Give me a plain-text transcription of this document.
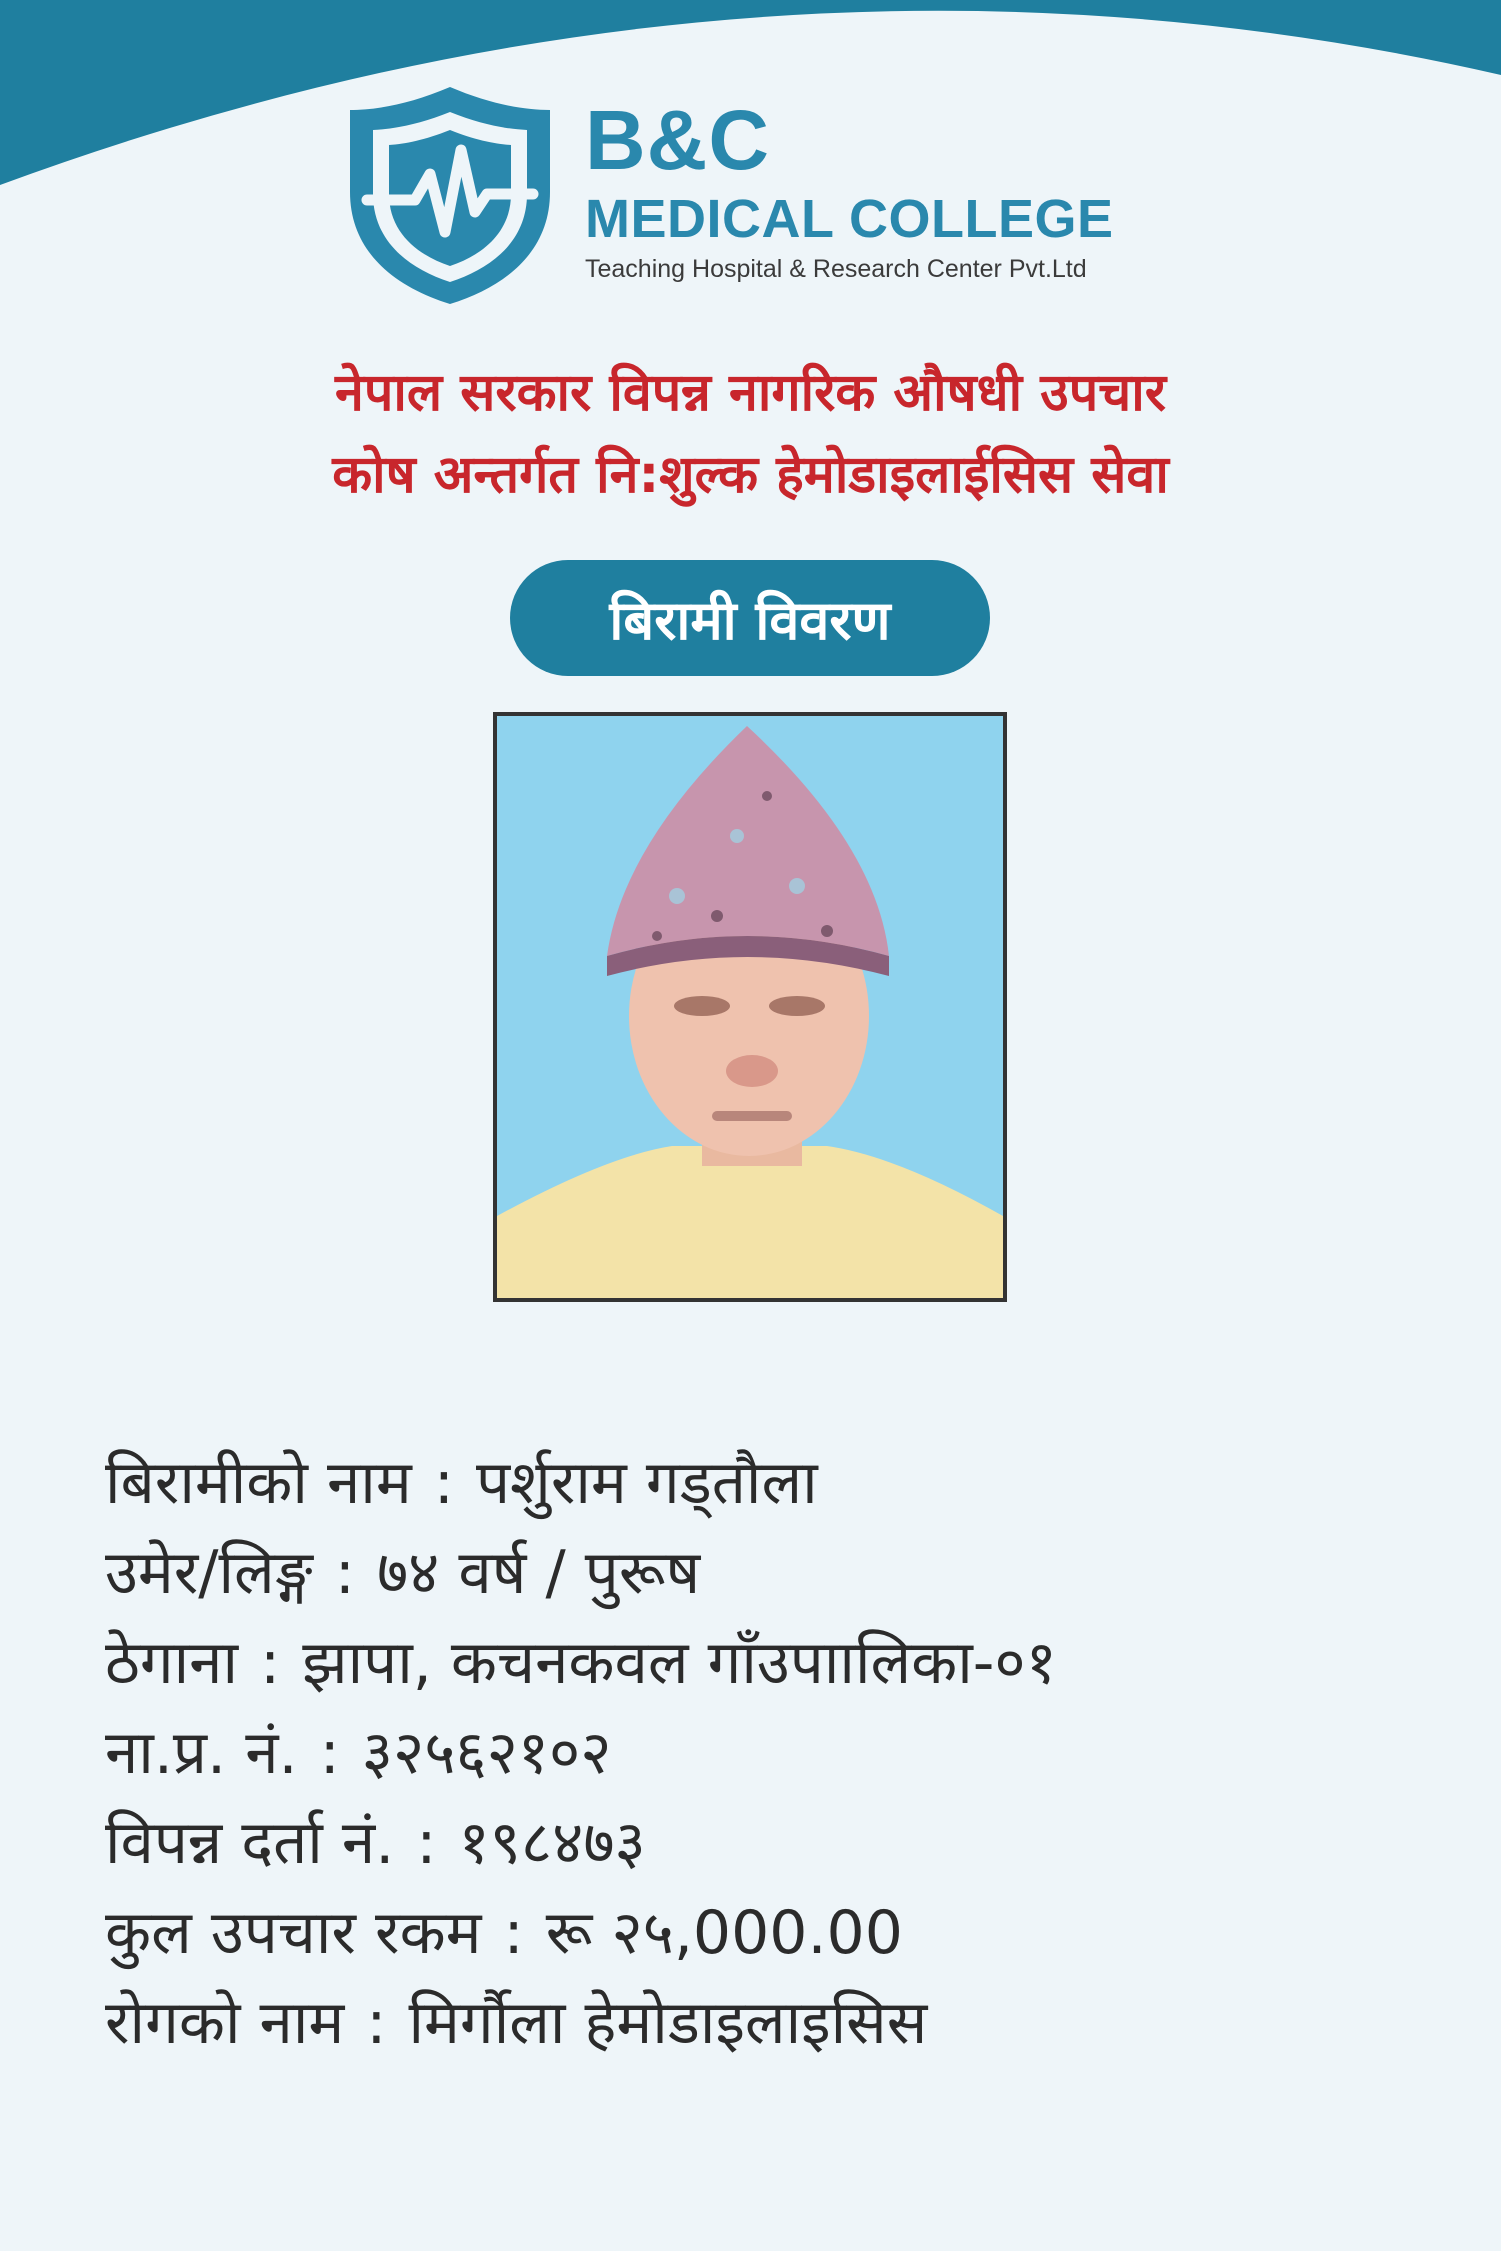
B&C
MEDICAL COLLEGE
Teaching Hospital & Research Center Pvt.Ltd
नेपाल सरकार विपन्न नागरिक औषधी उपचार
कोष अन्तर्गत नि:शुल्क हेमोडाइलाईसिस सेवा
बिरामी विवरण
बिरामीको नाम : पर्शुराम गड्तौला
उमेर/लिङ्ग : ७४ वर्ष / पुरूष
ठेगाना : झापा, कचनकवल गाँउपाालिका-०१
ना.प्र. नं. : ३२५६२१०२
विपन्न दर्ता नं. : १९८४७३
कुल उपचार रकम : रू २५,000.00
रोगको नाम : मिर्गौला हेमोडाइलाइसिस
